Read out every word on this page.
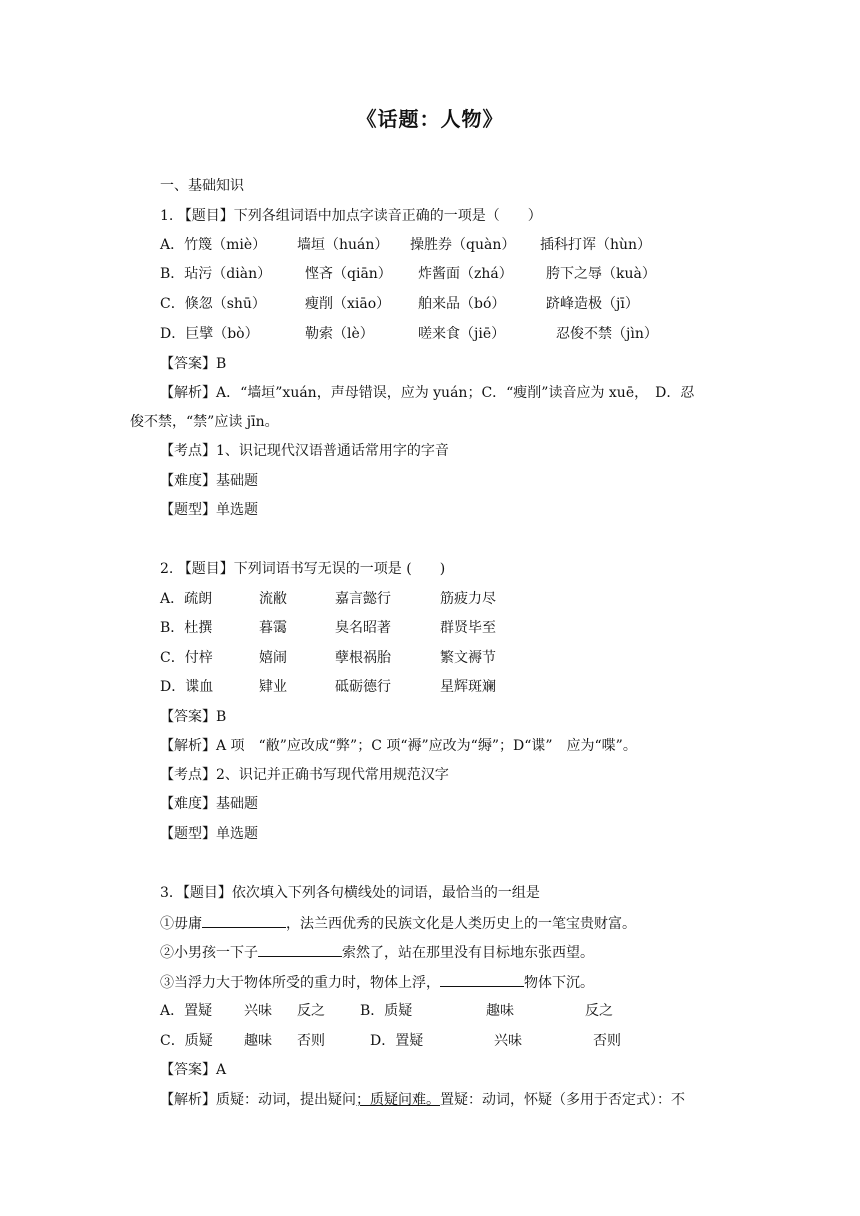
《话题：人物》
一、基础知识
1. 【题目】下列各组词语中加点字读音正确的一项是（　　）
A．竹篾（miè） 墙垣（huán） 操胜券（quàn） 插科打诨（hùn）
B．玷污（diàn） 悭吝（qiān） 炸酱面（zhá） 胯下之辱（kuà）
C．倏忽（shū）	瘦削（xiāo） 舶来品（bó）	跻峰造极（jī）
D．巨擘（bò）	勒索（lè）	嗟来食（jiē）	忍俊不禁（jìn）
【答案】B
【解析】A．“墙垣”xuán，声母错误，应为 yuán；C．“瘦削”读音应为 xuē，　D．忍
俊不禁，“禁”应读 jīn。
【考点】1、识记现代汉语普通话常用字的字音
【难度】基础题
【题型】单选题
2. 【题目】下列词语书写无误的一项是 (　　)
A．疏朗	流敝	嘉言懿行	筋疲力尽
B．杜撰	暮霭	臭名昭著	群贤毕至
C．付梓	嬉闹	孽根祸胎	繁文褥节
D．谍血	肄业	砥砺德行	星辉斑斓
【答案】B
【解析】A 项　“敝”应改成“弊”；C 项“褥”应改为“缛”；D“谍”　应为“喋”。
【考点】2、识记并正确书写现代常用规范汉字
【难度】基础题
【题型】单选题
3．【题目】依次填入下列各句横线处的词语，最恰当的一组是
①毋庸	，法兰西优秀的民族文化是人类历史上的一笔宝贵财富。
②小男孩一下子	索然了，站在那里没有目标地东张西望。
③当浮力大于物体所受的重力时，物体上浮，	物体下沉。
A．置疑 兴味 反之	B．质疑	趣味	反之
C．质疑 趣味 否则	D．置疑	兴味	否则
【答案】A
【解析】质疑：动词，提出疑问；质疑问难。置疑：动词，怀疑（多用于否定式）：不
